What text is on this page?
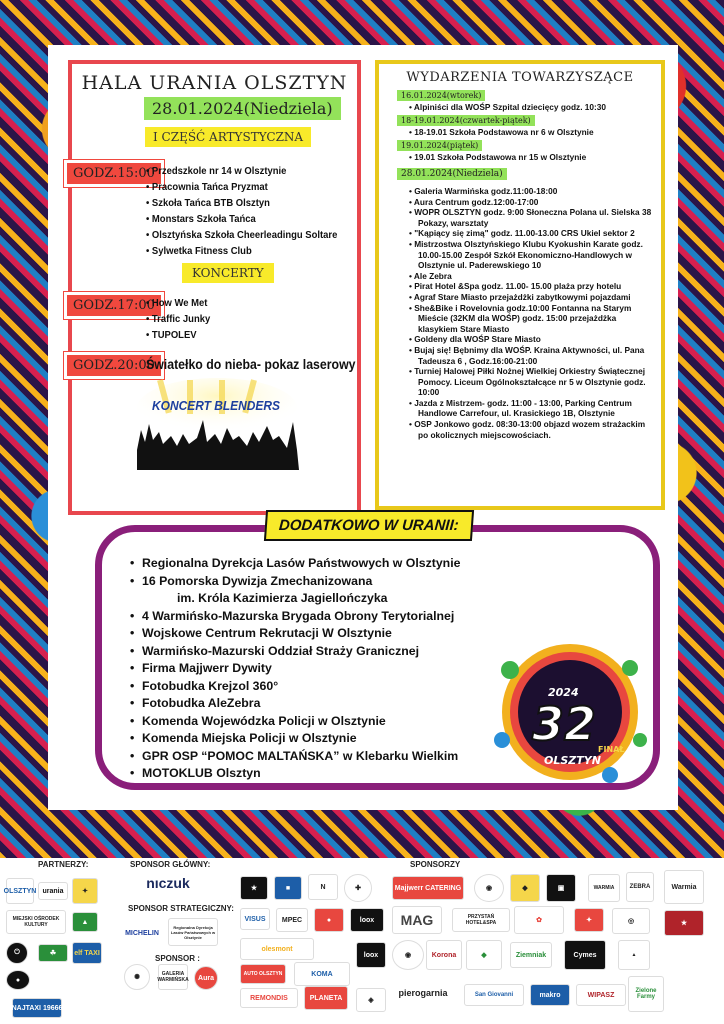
HALA URANIA OLSZTYN
28.01.2024(Niedziela)
I CZĘŚĆ ARTYSTYCZNA
GODZ.15:00
• Przedszkole nr 14 w Olsztynie
• Pracownia Tańca Pryzmat
• Szkoła Tańca BTB Olsztyn
• Monstars Szkoła Tańca
• Olsztyńska Szkoła Cheerleadingu Soltare
• Sylwetka Fitness Club
KONCERTY
GODZ.17:00
• How We Met
• Traffic Junky
• TUPOLEV
GODZ.20:00
Światełko do nieba- pokaz laserowy
KONCERT BLENDERS
WYDARZENIA TOWARZYSZĄCE
16.01.2024(wtorek)
• Alpiniści dla WOŚP Szpital dziecięcy godz. 10:30
18-19.01.2024(czwartek-piątek)
• 18-19.01 Szkoła Podstawowa nr 6 w Olsztynie
19.01.2024(piątek)
• 19.01 Szkoła Podstawowa nr 15 w Olsztynie
28.01.2024(Niedziela)
• Galeria Warmińska godz.11:00-18:00
• Aura Centrum godz.12:00-17:00
• WOPR OLSZTYN godz. 9:00 Słoneczna Polana ul. Sielska 38 Pokazy, warsztaty
• "Kąpiący się zimą" godz. 11.00-13.00 CRS Ukiel sektor 2
• Mistrzostwa Olsztyńskiego Klubu Kyokushin Karate godz. 10.00-15.00 Zespół Szkół Ekonomiczno-Handlowych w Olsztynie ul. Paderewskiego 10
• Ale Zebra
• Pirat Hotel &Spa godz. 11.00- 15.00 plaża przy hotelu
• Agraf Stare Miasto przejażdżki zabytkowymi pojazdami
• She&Bike i Rovelovnia godz.10:00 Fontanna na Starym Mieście (32KM dla WOŚP) godz. 15:00 przejażdżka klasykiem Stare Miasto
• Goldeny dla WOŚP Stare Miasto
• Bujaj się! Bębnimy dla WOŚP. Kraina Aktywności, ul. Pana Tadeusza 6 , Godz.16:00-21:00
• Turniej Halowej Piłki Nożnej Wielkiej Orkiestry Świątecznej Pomocy. Liceum Ogólnokształcące nr 5 w Olsztynie godz. 10:00
• Jazda z Mistrzem- godz. 11:00 - 13:00, Parking Centrum Handlowe Carrefour, ul. Krasickiego 1B, Olsztynie
• OSP Jonkowo godz. 08:30-13:00 objazd wozem strażackim po okolicznych miejscowościach.
DODATKOWO W URANII:
• Regionalna Dyrekcja Lasów Państwowych w Olsztynie
• 16 Pomorska Dywizja Zmechanizowana
im. Króla Kazimierza Jagiellończyka
• 4 Warmińsko-Mazurska Brygada Obrony Terytorialnej
• Wojskowe Centrum Rekrutacji W Olsztynie
• Warmińsko-Mazurski Oddział Straży Granicznej
• Firma Majjwerr Dywity
• Fotobudka Krejzol 360°
• Fotobudka AleZebra
• Komenda Wojewódzka Policji w Olsztynie
• Komenda Miejska Policji w Olsztynie
• GPR OSP “POMOC MALTAŃSKA” w Klebarku Wielkim
• MOTOKLUB Olsztyn
2024
32 FINAŁ
OLSZTYN
PARTNERZY:	SPONSOR GŁÓWNY:
SPONSOR STRATEGICZNY:
SPONSOR :
SPONSORZY
OLSZTYN urania	✦
MIEJSKI OŚRODEK KULTURY	▲
⏻	☘	elf TAXI
●
NAJTAXI 19666
nıczuk
MICHELIN
Regionalna Dyrekcja Lasów Państwowych w Olsztynie
✺	GALERIA WARMIŃSKA	Aura
★	■	N	✚	Majjwerr CATERING	◉	◆	▣	WARMIA	ZEBRA	Warmia
VISUS	MPEC	●	loox	MAG	PRZYSTAŃ HOTEL&SPA	✿	✦	◎	★
olesmont
AUTO OLSZTYN	KOMA
loox	◉	Korona	◆	Ziemniak	Cymes	▲
REMONDIS	PLANETA	◈
pierogarnia	San Giovanni	makro	WIPASZ
Zielone Farmy
